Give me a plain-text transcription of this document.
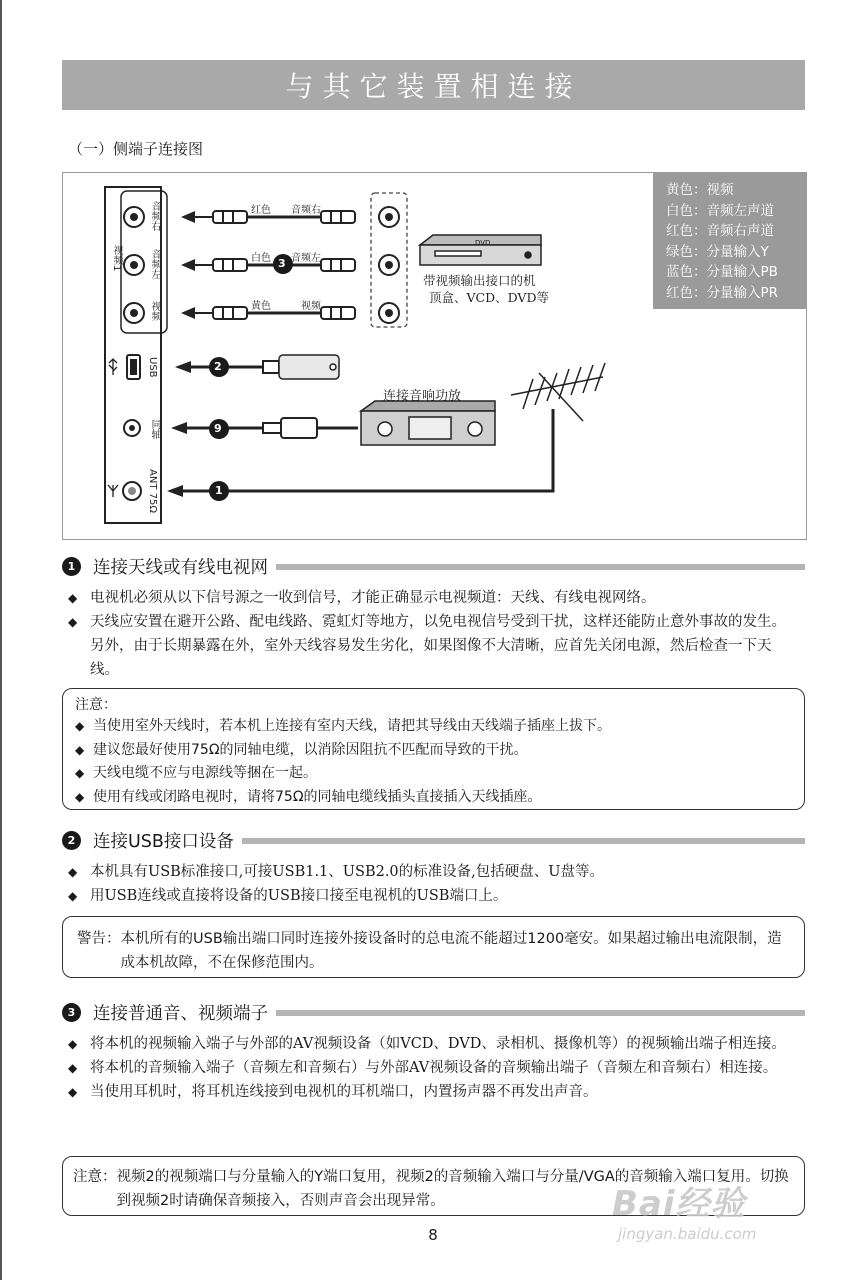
与其它装置相连接
（一）侧端子连接图
黄色：视频
白色：音频左声道
红色：音频右声道
绿色：分量输入Y
蓝色：分量输入PB
红色：分量输入PR
视频1
音频右
音频左
视频
USB
同轴
ANT 75Ω
红色 音频右
白色 音频左
黄色	视频
3
2
9
1
DVD
带视频输出接口的机
顶盒、VCD、DVD等
连接音响功放
1	连接天线或有线电视网
◆ 电视机必须从以下信号源之一收到信号，才能正确显示电视频道：天线、有线电视网络。
◆ 天线应安置在避开公路、配电线路、霓虹灯等地方，以免电视信号受到干扰，这样还能防止意外事故的发生。另外，由于长期暴露在外，室外天线容易发生劣化，如果图像不大清晰，应首先关闭电源，然后检查一下天线。
注意：
◆ 当使用室外天线时，若本机上连接有室内天线，请把其导线由天线端子插座上拔下。
◆ 建议您最好使用75Ω的同轴电缆，以消除因阻抗不匹配而导致的干扰。
◆ 天线电缆不应与电源线等捆在一起。
◆ 使用有线或闭路电视时，请将75Ω的同轴电缆线插头直接插入天线插座。
2	连接USB接口设备
◆ 本机具有USB标准接口,可接USB1.1、USB2.0的标准设备,包括硬盘、U盘等。
◆ 用USB连线或直接将设备的USB接口接至电视机的USB端口上。
警告： 本机所有的USB输出端口同时连接外接设备时的总电流不能超过1200毫安。如果超过输出电流限制，造成本机故障，不在保修范围内。
3	连接普通音、视频端子
◆ 将本机的视频输入端子与外部的AV视频设备（如VCD、DVD、录相机、摄像机等）的视频输出端子相连接。
◆ 将本机的音频输入端子（音频左和音频右）与外部AV视频设备的音频输出端子（音频左和音频右）相连接。
◆ 当使用耳机时，将耳机连线接到电视机的耳机端口，内置扬声器不再发出声音。
注意： 视频2的视频端口与分量输入的Y端口复用，视频2的音频输入端口与分量/VGA的音频输入端口复用。切换到视频2时请确保音频接入，否则声音会出现异常。	Bai经验
jingyan.baidu.com
8
